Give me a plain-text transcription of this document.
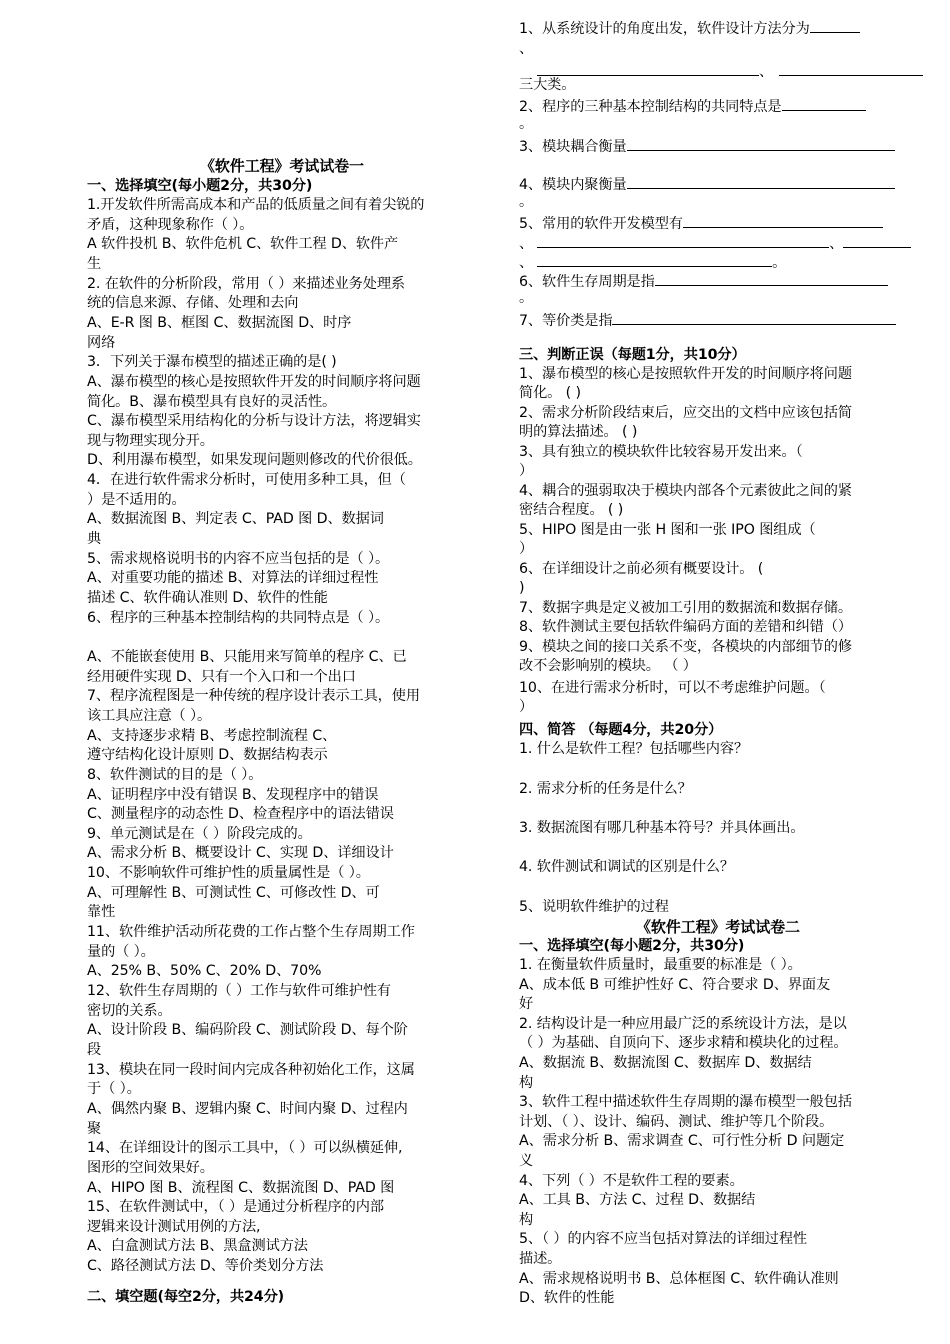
《软件工程》考试试卷一
一、选择填空(每小题2分，共30分)
1.开发软件所需高成本和产品的低质量之间有着尖锐的
矛盾，这种现象称作（ ）。
A 软件投机 B、软件危机 C、软件工程 D、软件产
生
2. 在软件的分析阶段，常用（ ）来描述业务处理系
统的信息来源、存储、处理和去向
A、E-R 图 B、框图 C、数据流图 D、时序
网络
3．下列关于瀑布模型的描述正确的是( )
A、瀑布模型的核心是按照软件开发的时间顺序将问题
简化。B、瀑布模型具有良好的灵活性。
C、瀑布模型采用结构化的分析与设计方法，将逻辑实
现与物理实现分开。
D、利用瀑布模型，如果发现问题则修改的代价很低。
4．在进行软件需求分析时，可使用多种工具，但（
）是不适用的。
A、数据流图 B、判定表 C、PAD 图 D、数据词
典
5、需求规格说明书的内容不应当包括的是（ ）。
A、对重要功能的描述 B、对算法的详细过程性
描述 C、软件确认准则 D、软件的性能
6、程序的三种基本控制结构的共同特点是（ ）。
A、不能嵌套使用 B、只能用来写简单的程序 C、已
经用硬件实现 D、只有一个入口和一个出口
7、程序流程图是一种传统的程序设计表示工具，使用
该工具应注意（ ）。
A、支持逐步求精 B、考虑控制流程 C、
遵守结构化设计原则 D、数据结构表示
8、软件测试的目的是（ ）。
A、证明程序中没有错误 B、发现程序中的错误
C、测量程序的动态性 D、检查程序中的语法错误
9、单元测试是在（ ）阶段完成的。
A、需求分析 B、概要设计 C、实现 D、详细设计
10、不影响软件可维护性的质量属性是（ ）。
A、可理解性 B、可测试性 C、可修改性 D、可
靠性
11、软件维护活动所花费的工作占整个生存周期工作
量的（ ）。
A、25% B、50% C、20% D、70%
12、软件生存周期的（ ）工作与软件可维护性有
密切的关系。
A、设计阶段 B、编码阶段 C、测试阶段 D、每个阶
段
13、模块在同一段时间内完成各种初始化工作，这属
于（ ）。
A、偶然内聚 B、逻辑内聚 C、时间内聚 D、过程内
聚
14、在详细设计的图示工具中，（ ）可以纵横延伸,
图形的空间效果好。
A、HIPO 图 B、流程图 C、数据流图 D、PAD 图
15、在软件测试中，（ ）是通过分析程序的内部
逻辑来设计测试用例的方法,
A、白盒测试方法 B、黑盒测试方法
C、路径测试方法 D、等价类划分方法
二、填空题(每空2分，共24分)
1、从系统设计的角度出发，软件设计方法分为
、
、
三大类。
2、程序的三种基本控制结构的共同特点是
。
3、模块耦合衡量
4、模块内聚衡量
。
5、常用的软件开发模型有
、	、
、	。
6、软件生存周期是指
。
7、等价类是指
三、判断正误（每题1分，共10分）
1、瀑布模型的核心是按照软件开发的时间顺序将问题
简化。 ( )
2、需求分析阶段结束后，应交出的文档中应该包括简
明的算法描述。 ( )
3、具有独立的模块软件比较容易开发出来。（
）
4、耦合的强弱取决于模块内部各个元素彼此之间的紧
密结合程度。 ( )
5、HIPO 图是由一张 H 图和一张 IPO 图组成（
）
6、在详细设计之前必须有概要设计。 (
)
7、数据字典是定义被加工引用的数据流和数据存储。
8、软件测试主要包括软件编码方面的差错和纠错（）
9、模块之间的接口关系不变，各模块的内部细节的修
改不会影响别的模块。 （ ）
10、在进行需求分析时，可以不考虑维护问题。（
）
四、简答 （每题4分，共20分）
1. 什么是软件工程？包括哪些内容？
2. 需求分析的任务是什么？
3. 数据流图有哪几种基本符号？并具体画出。
4. 软件测试和调试的区别是什么？
5、说明软件维护的过程
《软件工程》考试试卷二
一、选择填空(每小题2分，共30分)
1. 在衡量软件质量时，最重要的标准是（ ）。
A、成本低 B 可维护性好 C、符合要求 D、界面友
好
2. 结构设计是一种应用最广泛的系统设计方法，是以
（ ）为基础、自顶向下、逐步求精和模块化的过程。
A、数据流 B、数据流图 C、数据库 D、数据结
构
3、软件工程中描述软件生存周期的瀑布模型一般包括
计划、（ ）、设计、编码、测试、维护等几个阶段。
A、需求分析 B、需求调查 C、可行性分析 D 问题定
义
4、下列（ ）不是软件工程的要素。
A、工具 B、方法 C、过程 D、数据结
构
5、（ ）的内容不应当包括对算法的详细过程性
描述。
A、需求规格说明书 B、总体框图 C、软件确认准则
D、软件的性能
